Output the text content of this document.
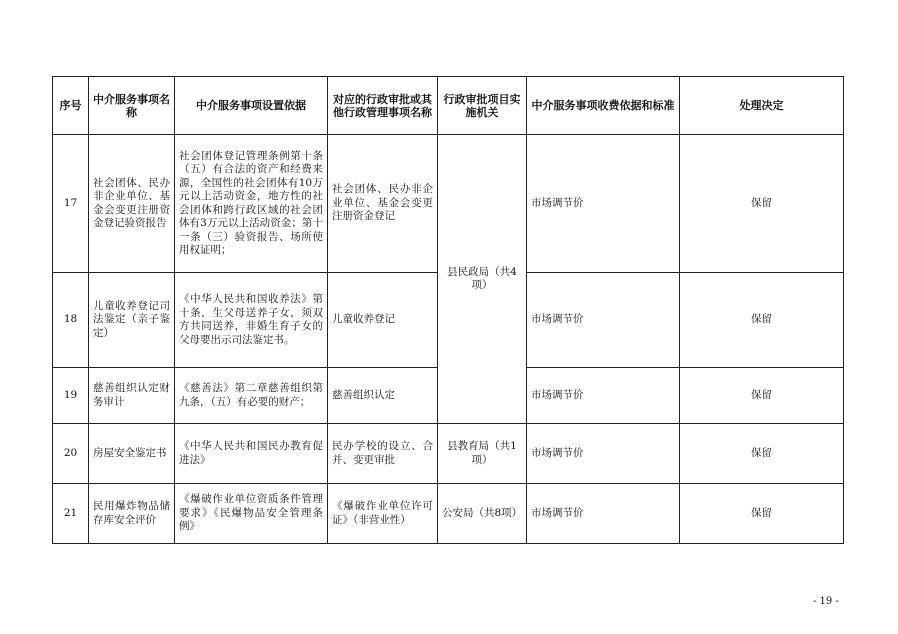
序号	中介服务事项名称	中介服务事项设置依据	对应的行政审批或其他行政管理事项名称	行政审批项目实施机关	中介服务事项收费依据和标准	处理决定
17	社会团体、民办非企业单位、基金会变更注册资金登记验资报告	社会团体登记管理条例第十条（五）有合法的资产和经费来源，全国性的社会团体有10万元以上活动资金，地方性的社会团体和跨行政区域的社会团体有3万元以上活动资金；第十一条（三）验资报告、场所使用权证明；	社会团体、民办非企业单位、基金会变更注册资金登记	县民政局（共4项）	市场调节价	保留
18	儿童收养登记司法鉴定（亲子鉴定）	《中华人民共和国收养法》第十条，生父母送养子女，须双方共同送养，非婚生育子女的父母要出示司法鉴定书。	儿童收养登记		市场调节价	保留
19	慈善组织认定财务审计	《慈善法》第二章慈善组织第九条，（五）有必要的财产；	慈善组织认定		市场调节价	保留
20	房屋安全鉴定书	《中华人民共和国民办教育促进法》	民办学校的设立、合并、变更审批	县教育局（共1项）	市场调节价	保留
21	民用爆炸物品储存库安全评价	《爆破作业单位资质条件管理要求》《民爆物品安全管理条例》	《爆破作业单位许可证》（非营业性）	公安局（共8项）	市场调节价	保留
- 19 -
